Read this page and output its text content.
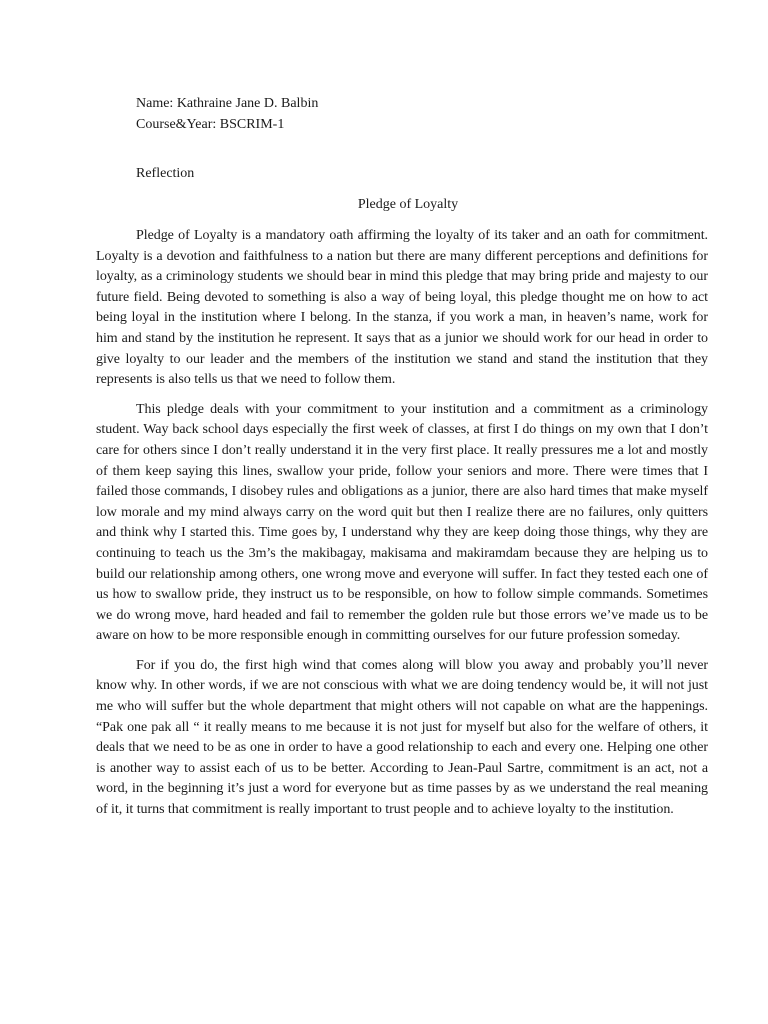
Name: Kathraine Jane D. Balbin
Course&Year: BSCRIM-1
Reflection
Pledge of Loyalty

Pledge of Loyalty is a mandatory oath affirming the loyalty of its taker and an oath for commitment. Loyalty is a devotion and faithfulness to a nation but there are many different perceptions and definitions for loyalty, as a criminology students we should bear in mind this pledge that may bring pride and majesty to our future field. Being devoted to something is also a way of being loyal, this pledge thought me on how to act being loyal in the institution where I belong. In the stanza, if you work a man, in heaven’s name, work for him and stand by the institution he represent. It says that as a junior we should work for our head in order to give loyalty to our leader and the members of the institution we stand and stand the institution that they represents is also tells us that we need to follow them.

This pledge deals with your commitment to your institution and a commitment as a criminology student. Way back school days especially the first week of classes, at first I do things on my own that I don’t care for others since I don’t really understand it in the very first place. It really pressures me a lot and mostly of them keep saying this lines, swallow your pride, follow your seniors and more. There were times that I failed those commands, I disobey rules and obligations as a junior, there are also hard times that make myself low morale and my mind always carry on the word quit but then I realize there are no failures, only quitters and think why I started this. Time goes by, I understand why they are keep doing those things, why they are continuing to teach us the 3m’s the makibagay, makisama and makiramdam because they are helping us to build our relationship among others, one wrong move and everyone will suffer. In fact they tested each one of us how to swallow pride, they instruct us to be responsible, on how to follow simple commands. Sometimes we do wrong move, hard headed and fail to remember the golden rule but those errors we’ve made us to be aware on how to be more responsible enough in committing ourselves for our future profession someday.

For if you do, the first high wind that comes along will blow you away and probably you’ll never know why. In other words, if we are not conscious with what we are doing tendency would be, it will not just me who will suffer but the whole department that might others will not capable on what are the happenings. “Pak one pak all “ it really means to me because it is not just for myself but also for the welfare of others, it deals that we need to be as one in order to have a good relationship to each and every one. Helping one other is another way to assist each of us to be better. According to Jean-Paul Sartre, commitment is an act, not a word, in the beginning it’s just a word for everyone but as time passes by as we understand the real meaning of it, it turns that commitment is really important to trust people and to achieve loyalty to the institution.
